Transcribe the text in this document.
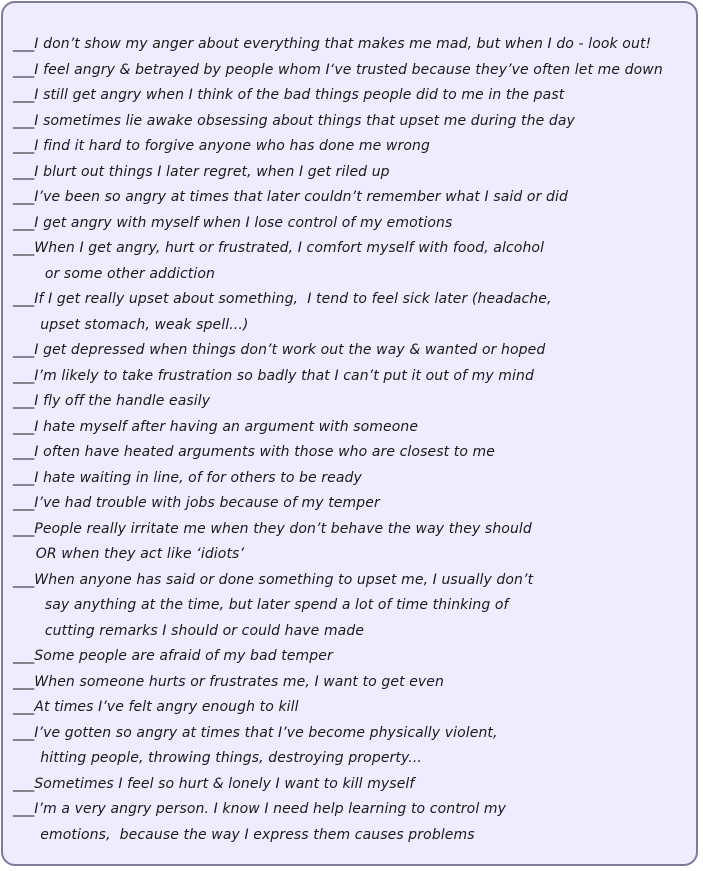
___I don’t show my anger about everything that makes me mad, but when I do - look out!
___I feel angry & betrayed by people whom I‘ve trusted because they’ve often let me down
___I still get angry when I think of the bad things people did to me in the past
___I sometimes lie awake obsessing about things that upset me during the day
___I find it hard to forgive anyone who has done me wrong
___I blurt out things I later regret, when I get riled up
___I’ve been so angry at times that later couldn’t remember what I said or did
___I get angry with myself when I lose control of my emotions
___When I get angry, hurt or frustrated, I comfort myself with food, alcohol
or some other addiction
___If I get really upset about something,  I tend to feel sick later (headache,
upset stomach, weak spell...)
___I get depressed when things don’t work out the way & wanted or hoped
___I’m likely to take frustration so badly that I can’t put it out of my mind
___I fly off the handle easily
___I hate myself after having an argument with someone
___I often have heated arguments with those who are closest to me
___I hate waiting in line, of for others to be ready
___I’ve had trouble with jobs because of my temper
___People really irritate me when they don’t behave the way they should
OR when they act like ‘idiots’
___When anyone has said or done something to upset me, I usually don’t
say anything at the time, but later spend a lot of time thinking of
cutting remarks I should or could have made
___Some people are afraid of my bad temper
___When someone hurts or frustrates me, I want to get even
___At times I’ve felt angry enough to kill
___I’ve gotten so angry at times that I’ve become physically violent,
hitting people, throwing things, destroying property...
___Sometimes I feel so hurt & lonely I want to kill myself
___I’m a very angry person. I know I need help learning to control my
emotions,  because the way I express them causes problems
